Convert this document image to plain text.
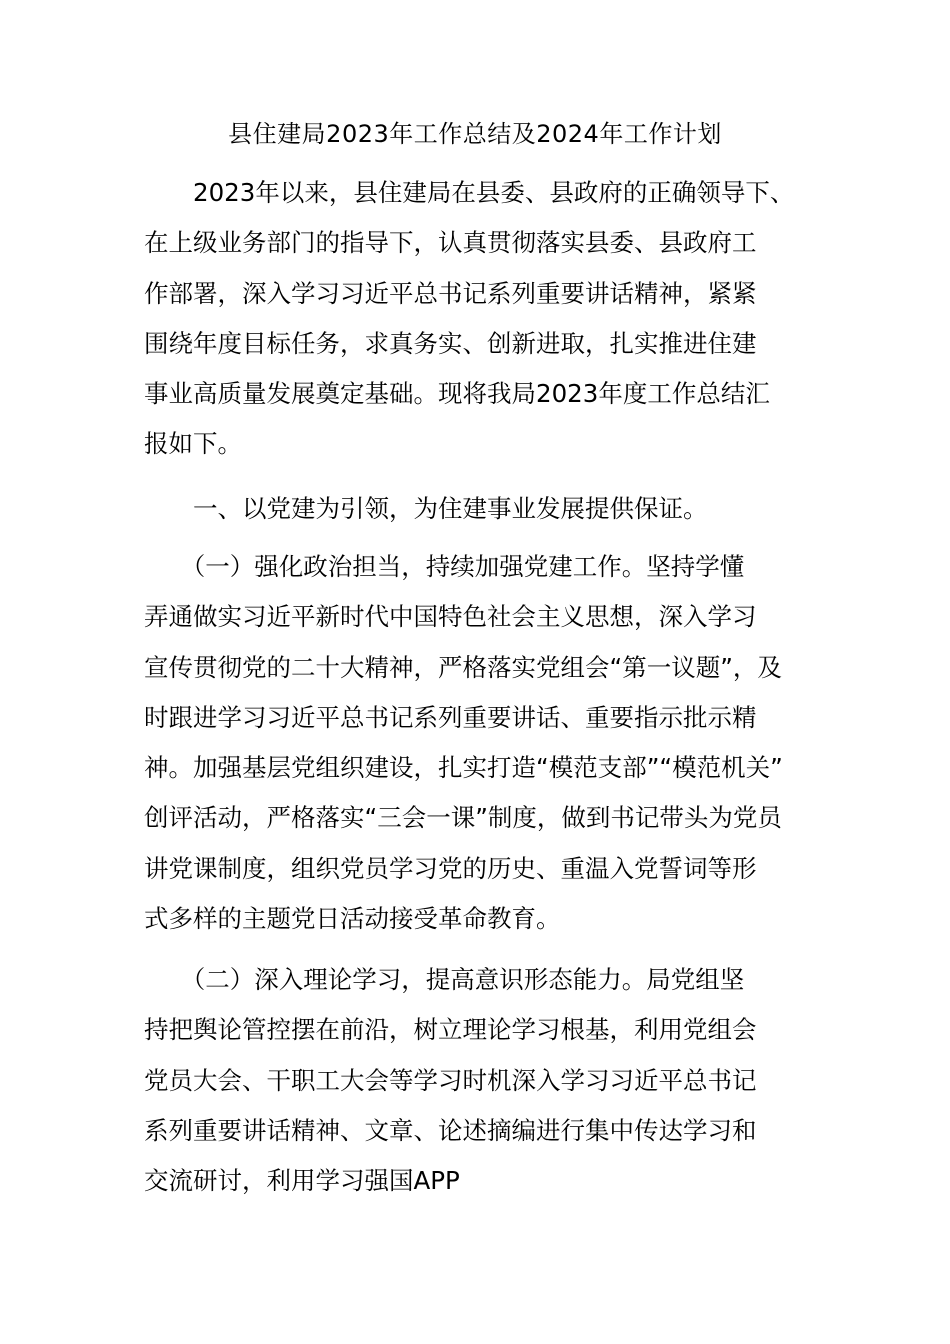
县住建局2023年工作总结及2024年工作计划
　　2023年以来，县住建局在县委、县政府的正确领导下、
在上级业务部门的指导下，认真贯彻落实县委、县政府工
作部署，深入学习习近平总书记系列重要讲话精神，紧紧
围绕年度目标任务，求真务实、创新进取，扎实推进住建
事业高质量发展奠定基础。现将我局2023年度工作总结汇
报如下。
　　一、以党建为引领，为住建事业发展提供保证。
　　（一）强化政治担当，持续加强党建工作。坚持学懂
弄通做实习近平新时代中国特色社会主义思想，深入学习
宣传贯彻党的二十大精神，严格落实党组会“第一议题”，及
时跟进学习习近平总书记系列重要讲话、重要指示批示精
神。加强基层党组织建设，扎实打造“模范支部”“模范机关”
创评活动，严格落实“三会一课”制度，做到书记带头为党员
讲党课制度，组织党员学习党的历史、重温入党誓词等形
式多样的主题党日活动接受革命教育。
　　（二）深入理论学习，提高意识形态能力。局党组坚
持把舆论管控摆在前沿，树立理论学习根基，利用党组会
党员大会、干职工大会等学习时机深入学习习近平总书记
系列重要讲话精神、文章、论述摘编进行集中传达学习和
交流研讨，利用学习强国APP
